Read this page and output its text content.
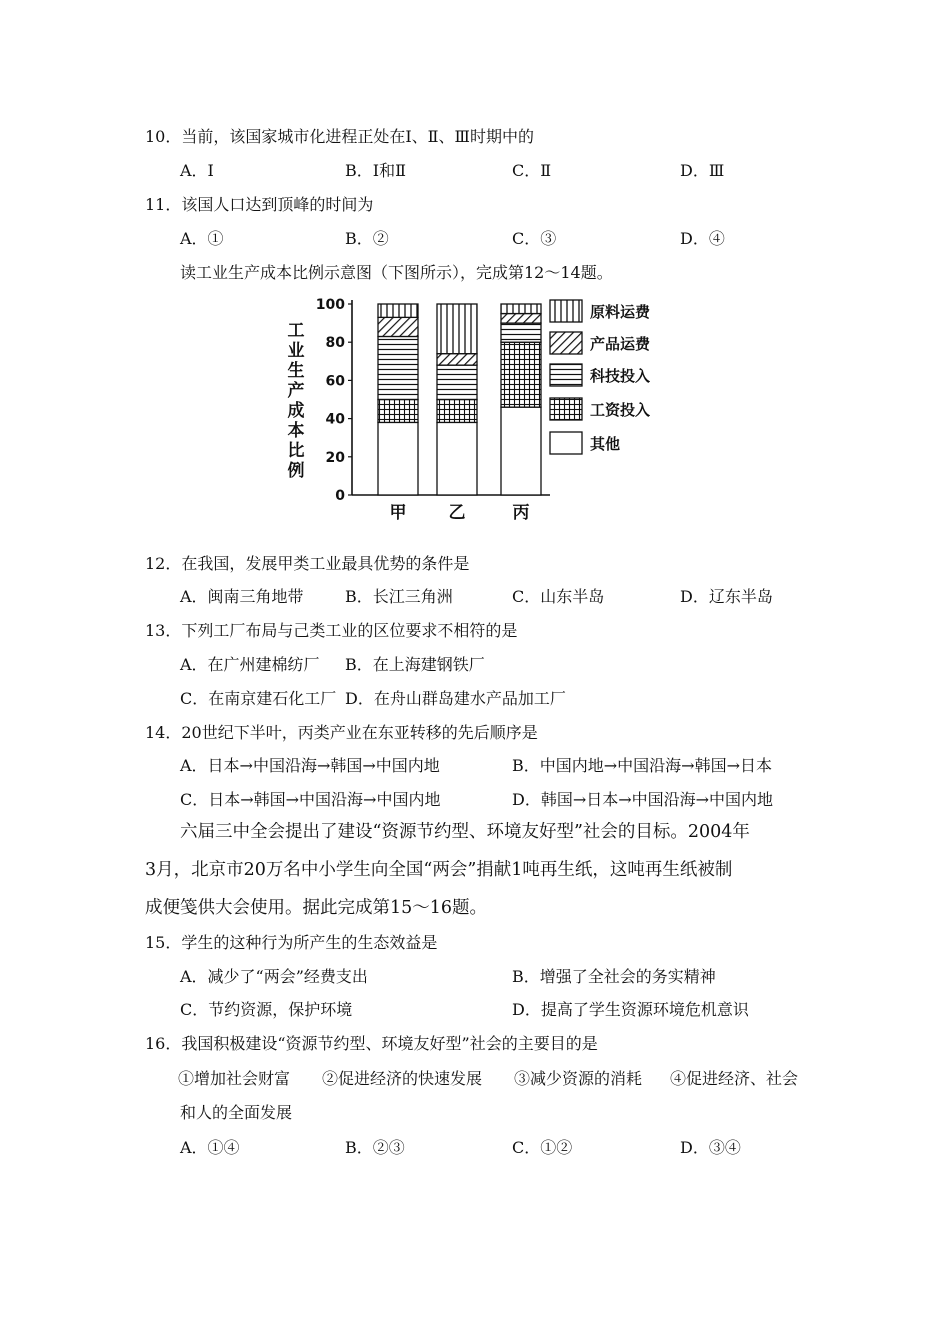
10．当前，该国家城市化进程正处在Ⅰ、Ⅱ、Ⅲ时期中的
A．Ⅰ	B．Ⅰ和Ⅱ	C．Ⅱ	D．Ⅲ
11．该国人口达到顶峰的时间为
A．①	B．②	C．③	D．④
读工业生产成本比例示意图（下图所示），完成第12～14题。
工
业
生
产
成
本
比
例
0
20
40
60
80
100
甲 乙	丙
原料运费
产品运费
科技投入
工资投入
其他
12．在我国，发展甲类工业最具优势的条件是
A．闽南三角地带	B．长江三角洲	C．山东半岛	D．辽东半岛
13．下列工厂布局与己类工业的区位要求不相符的是
A．在广州建棉纺厂 B．在上海建钢铁厂
C．在南京建石化工厂 D．在舟山群岛建水产品加工厂
14．20世纪下半叶，丙类产业在东亚转移的先后顺序是
A．日本→中国沿海→韩国→中国内地	B．中国内地→中国沿海→韩国→日本
C．日本→韩国→中国沿海→中国内地	D．韩国→日本→中国沿海→中国内地
六届三中全会提出了建设“资源节约型、环境友好型”社会的目标。2004年
3月，北京市20万名中小学生向全国“两会”捐献1吨再生纸，这吨再生纸被制
成便笺供大会使用。据此完成第15～16题。
15．学生的这种行为所产生的生态效益是
A．减少了“两会”经费支出	B．增强了全社会的务实精神
C．节约资源，保护环境	D．提高了学生资源环境危机意识
16．我国积极建设“资源节约型、环境友好型”社会的主要目的是
①增加社会财富 ②促进经济的快速发展 ③减少资源的消耗 ④促进经济、社会
和人的全面发展
A．①④	B．②③	C．①②	D．③④
